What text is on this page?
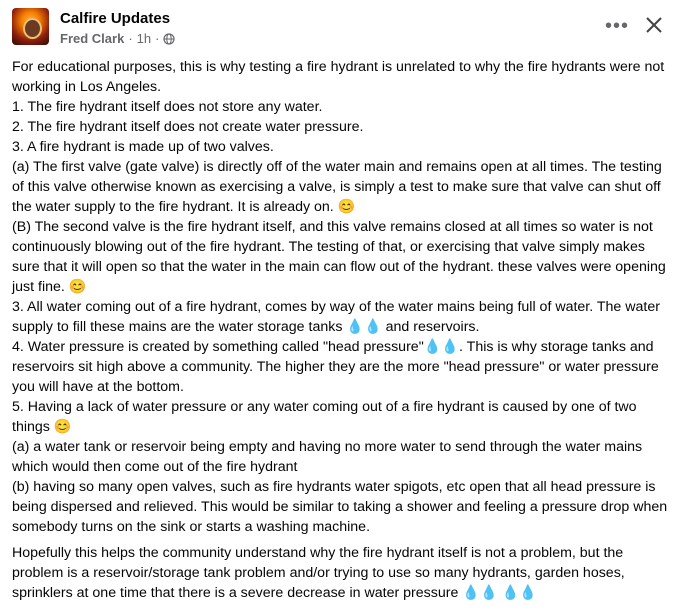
Calfire Updates
Fred Clark · 1h ·
•••

For educational purposes, this is why testing a fire hydrant is unrelated to why the fire hydrants were not working in Los Angeles.
1. The fire hydrant itself does not store any water.
2. The fire hydrant itself does not create water pressure.
3. A fire hydrant is made up of two valves.
(a) The first valve (gate valve) is directly off of the water main and remains open at all times. The testing of this valve otherwise known as exercising a valve, is simply a test to make sure that valve can shut off the water supply to the fire hydrant. It is already on. 😊
(B) The second valve is the fire hydrant itself, and this valve remains closed at all times so water is not continuously blowing out of the fire hydrant. The testing of that, or exercising that valve simply makes sure that it will open so that the water in the main can flow out of the hydrant. these valves were opening just fine. 😊
3. All water coming out of a fire hydrant, comes by way of the water mains being full of water. The water supply to fill these mains are the water storage tanks 💧💧 and reservoirs.
4. Water pressure is created by something called "head pressure"💧💧. This is why storage tanks and reservoirs sit high above a community. The higher they are the more "head pressure" or water pressure you will have at the bottom.
5. Having a lack of water pressure or any water coming out of a fire hydrant is caused by one of two things 😊
(a) a water tank or reservoir being empty and having no more water to send through the water mains which would then come out of the fire hydrant
(b) having so many open valves, such as fire hydrants water spigots, etc open that all head pressure is being dispersed and relieved. This would be similar to taking a shower and feeling a pressure drop when somebody turns on the sink or starts a washing machine.

Hopefully this helps the community understand why the fire hydrant itself is not a problem, but the problem is a reservoir/storage tank problem and/or trying to use so many hydrants, garden hoses, sprinklers at one time that there is a severe decrease in water pressure 💧💧 💧💧
